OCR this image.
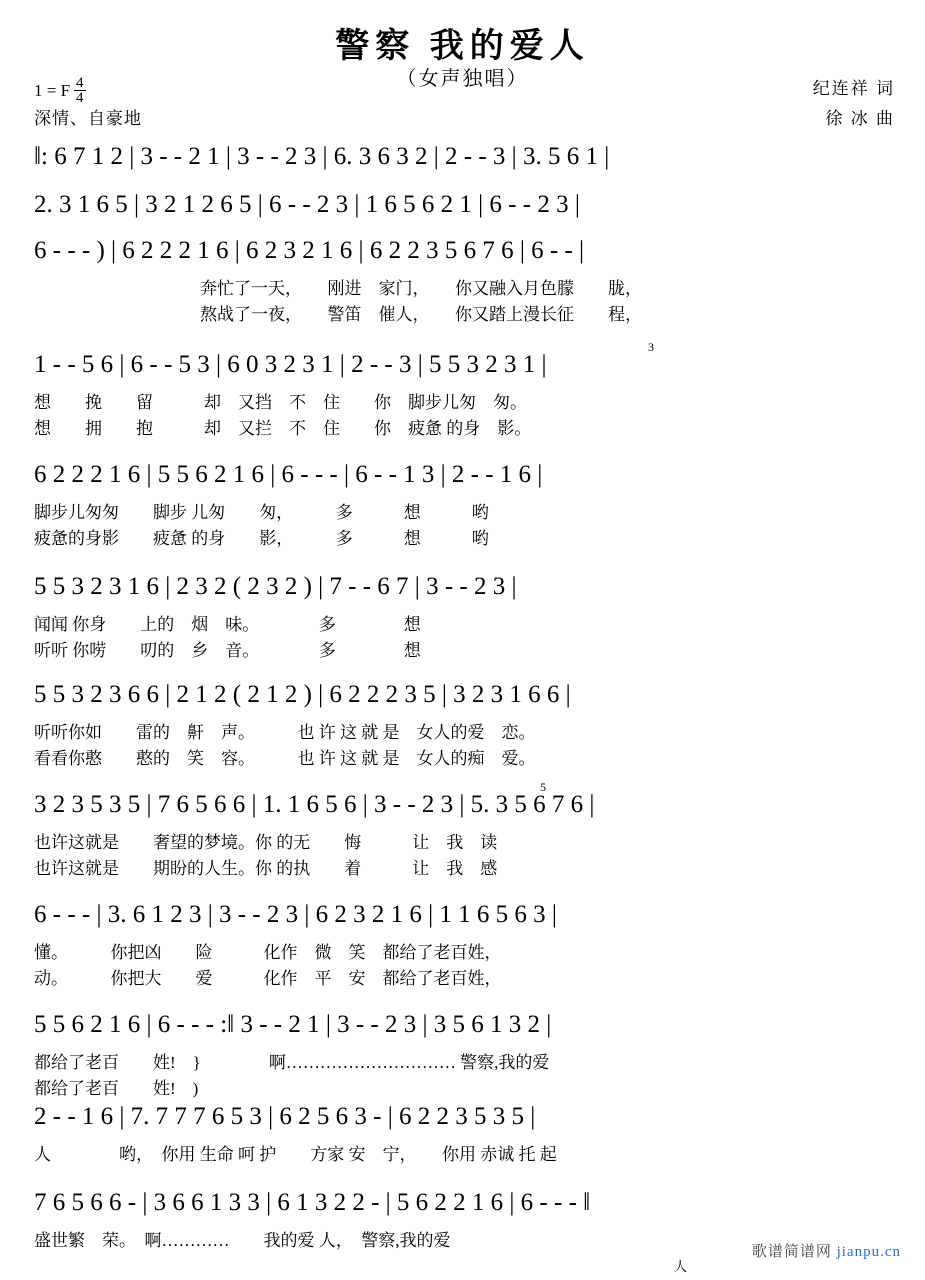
警察 我的爱人
（女声独唱）
1 = F $\frac{4}{4}$
深情、自豪地
纪连祥 词
徐 冰 曲
‖: 6 7 1 2 | 3 - - 2 1 | 3 - - 2 3 | 6. 3 6 3 2 | 2 - - 3 | 3. 5 6 1 |
2. 3 1 6 5 | 3 2 1 2 6 5 | 6 - - 2 3 | 1 6 5 6 2 1 | 6 - - 2 3 |
6 - - - ) | 6 2 2 2 1 6 | 6 2 3 2 1 6 | 6 2 2 3 5 6 7 6 | 6 - - |
奔忙了一天，　　刚进　家门，　　你又融入月色朦　　胧，
熬战了一夜，　　警笛　催人，　　你又踏上漫长征　　程，
1 - - 5 6 | 6 - - 5 3 | 6 0 3 2 3 1 | 2 - - 3 | 5 5 3 2 3 1 |
想　　挽　　留　　　却　又挡　不　住　　你　脚步儿匆　匆。
想　　拥　　抱　　　却　又拦　不　住　　你　疲惫 的身　影。
3
6 2 2 2 1 6 | 5 5 6 2 1 6 | 6 - - - | 6 - - 1 3 | 2 - - 1 6 |
脚步儿匆匆　　脚步 儿匆　　匆，　　　多　　　想　　　哟
疲惫的身影　　疲惫 的身　　影，　　　多　　　想　　　哟
5 5 3 2 3 1 6 | 2 3 2 ( 2 3 2 ) | 7 - - 6 7 | 3 - - 2 3 |
闻闻 你身　　上的　烟　味。　　　　多　　　　想
听听 你唠　　叨的　乡　音。　　　　多　　　　想
5 5 3 2 3 6 6 | 2 1 2 ( 2 1 2 ) | 6 2 2 2 3 5 | 3 2 3 1 6 6 |
听听你如　　雷的　鼾　声。　　　也 许 这 就 是　女人的爱　恋。
看看你憨　　憨的　笑　容。　　　也 许 这 就 是　女人的痴　爱。
3 2 3 5 3 5 | 7 6 5 6 6 | 1. 1 6 5 6 | 3 - - 2 3 | 5. 3 5 6 7 6 |
也许这就是　　奢望的梦境。你 的无　　悔　　　让　我　读
也许这就是　　期盼的人生。你 的执　　着　　　让　我　感
5
6 - - - | 3. 6 1 2 3 | 3 - - 2 3 | 6 2 3 2 1 6 | 1 1 6 5 6 3 |
懂。　　　你把凶　　险　　　化作　微　笑　都给了老百姓，
动。　　　你把大　　爱　　　化作　平　安　都给了老百姓，
5 5 6 2 1 6 | 6 - - - :‖ 3 - - 2 1 | 3 - - 2 3 | 3 5 6 1 3 2 |
都给了老百　　姓!　}　　　　啊………………………… 警察,我的爱
都给了老百　　姓!　)
2 - - 1 6 | 7. 7 7 7 6 5 3 | 6 2 5 6 3 - | 6 2 2 3 5 3 5 |
人　　　　哟，　你用 生命 呵 护　　方家 安　宁，　　你用 赤诚 托 起
7 6 5 6 6 - | 3 6 6 1 3 3 | 6 1 3 2 2 - | 5 6 2 2 1 6 | 6 - - - ‖
盛世繁　荣。　啊…………　　我的爱 人，　警察,我的爱
人
歌谱简谱网 jianpu.cn
